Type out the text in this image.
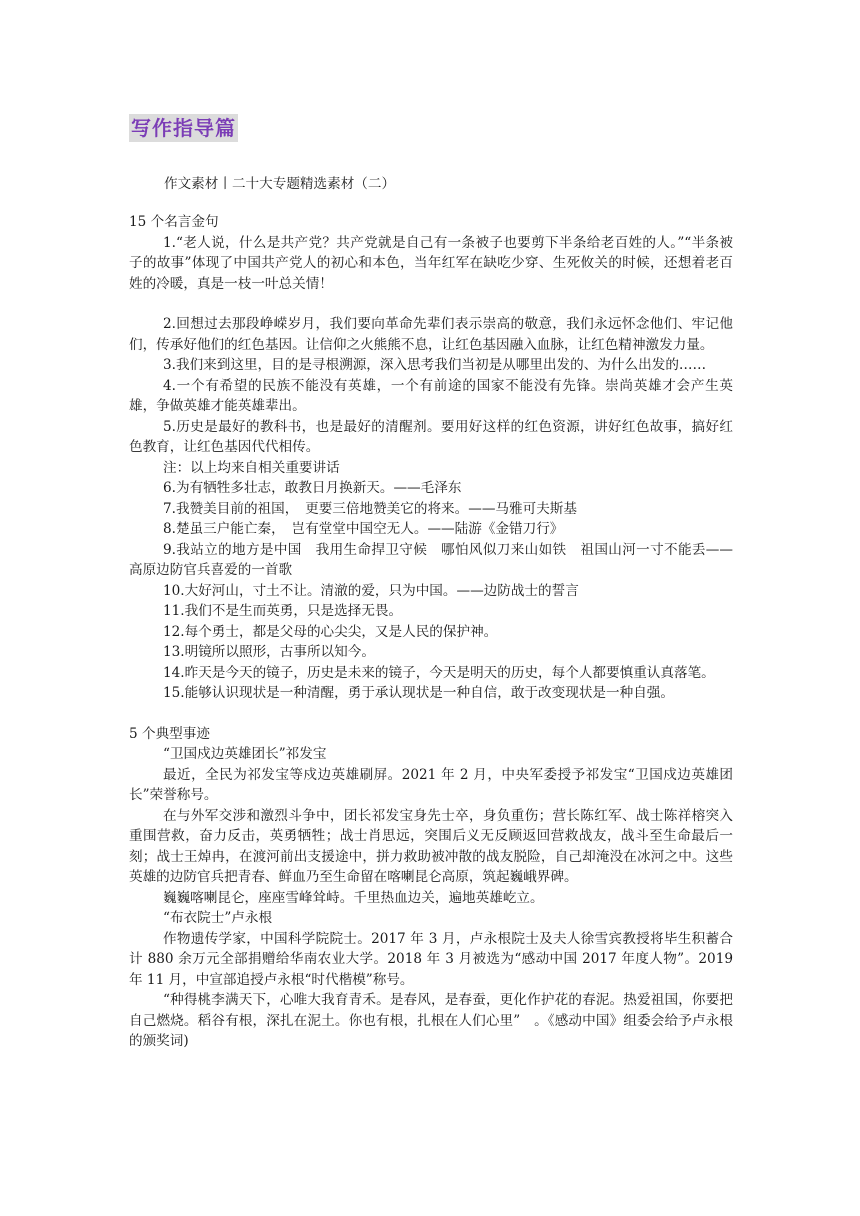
写作指导篇
作文素材丨二十大专题精选素材（二）

15 个名言金句

1.“老人说，什么是共产党？共产党就是自己有一条被子也要剪下半条给老百姓的人。”“半条被子的故事”体现了中国共产党人的初心和本色，当年红军在缺吃少穿、生死攸关的时候，还想着老百姓的冷暖，真是一枝一叶总关情！

2.回想过去那段峥嵘岁月，我们要向革命先辈们表示崇高的敬意，我们永远怀念他们、牢记他们，传承好他们的红色基因。让信仰之火熊熊不息，让红色基因融入血脉，让红色精神激发力量。

3.我们来到这里，目的是寻根溯源，深入思考我们当初是从哪里出发的、为什么出发的……

4.一个有希望的民族不能没有英雄，一个有前途的国家不能没有先锋。崇尚英雄才会产生英雄，争做英雄才能英雄辈出。

5.历史是最好的教科书，也是最好的清醒剂。要用好这样的红色资源，讲好红色故事，搞好红色教育，让红色基因代代相传。

注：以上均来自相关重要讲话

6.为有牺牲多壮志，敢教日月换新天。——毛泽东

7.我赞美目前的祖国，　更要三倍地赞美它的将来。——马雅可夫斯基

8.楚虽三户能亡秦，　岂有堂堂中国空无人。——陆游《金错刀行》

9.我站立的地方是中国　我用生命捍卫守候　哪怕风似刀来山如铁　祖国山河一寸不能丢——高原边防官兵喜爱的一首歌

10.大好河山，寸土不让。清澈的爱，只为中国。——边防战士的誓言

11.我们不是生而英勇，只是选择无畏。

12.每个勇士，都是父母的心尖尖，又是人民的保护神。

13.明镜所以照形，古事所以知今。

14.昨天是今天的镜子，历史是未来的镜子，今天是明天的历史，每个人都要慎重认真落笔。

15.能够认识现状是一种清醒，勇于承认现状是一种自信，敢于改变现状是一种自强。

5 个典型事迹

“卫国戍边英雄团长”祁发宝

最近，全民为祁发宝等戍边英雄刷屏。2021 年 2 月，中央军委授予祁发宝“卫国戍边英雄团长”荣誉称号。

在与外军交涉和激烈斗争中，团长祁发宝身先士卒，身负重伤；营长陈红军、战士陈祥榕突入重围营救，奋力反击，英勇牺牲；战士肖思远，突围后义无反顾返回营救战友，战斗至生命最后一刻；战士王焯冉，在渡河前出支援途中，拼力救助被冲散的战友脱险，自己却淹没在冰河之中。这些英雄的边防官兵把青春、鲜血乃至生命留在喀喇昆仑高原，筑起巍峨界碑。

巍巍喀喇昆仑，座座雪峰耸峙。千里热血边关，遍地英雄屹立。

“布衣院士”卢永根

作物遗传学家，中国科学院院士。2017 年 3 月，卢永根院士及夫人徐雪宾教授将毕生积蓄合计 880 余万元全部捐赠给华南农业大学。2018 年 3 月被选为“感动中国 2017 年度人物”。2019 年 11 月，中宣部追授卢永根“时代楷模”称号。

“种得桃李满天下，心唯大我育青禾。是春风，是春蚕，更化作护花的春泥。热爱祖国，你要把自己燃烧。稻谷有根，深扎在泥土。你也有根，扎根在人们心里”　。《感动中国》组委会给予卢永根的颁奖词)
